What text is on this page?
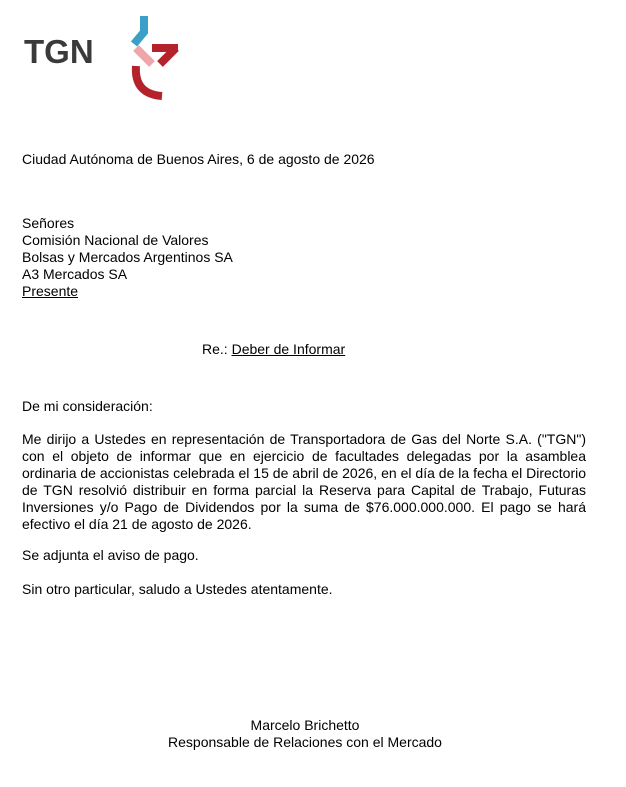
TGN
Ciudad Autónoma de Buenos Aires, 6 de agosto de 2026
Señores
Comisión Nacional de Valores
Bolsas y Mercados Argentinos SA
A3 Mercados SA
Presente
Re.: Deber de Informar
De mi consideración:
Me dirijo a Ustedes en representación de Transportadora de Gas del Norte S.A. ("TGN") con el objeto de informar que en ejercicio de facultades delegadas por la asamblea ordinaria de accionistas celebrada el 15 de abril de 2026, en el día de la fecha el Directorio de TGN resolvió distribuir en forma parcial la Reserva para Capital de Trabajo, Futuras Inversiones y/o Pago de Dividendos por la suma de $76.000.000.000. El pago se hará efectivo el día 21 de agosto de 2026.
Se adjunta el aviso de pago.
Sin otro particular, saludo a Ustedes atentamente.
Marcelo Brichetto
Responsable de Relaciones con el Mercado
